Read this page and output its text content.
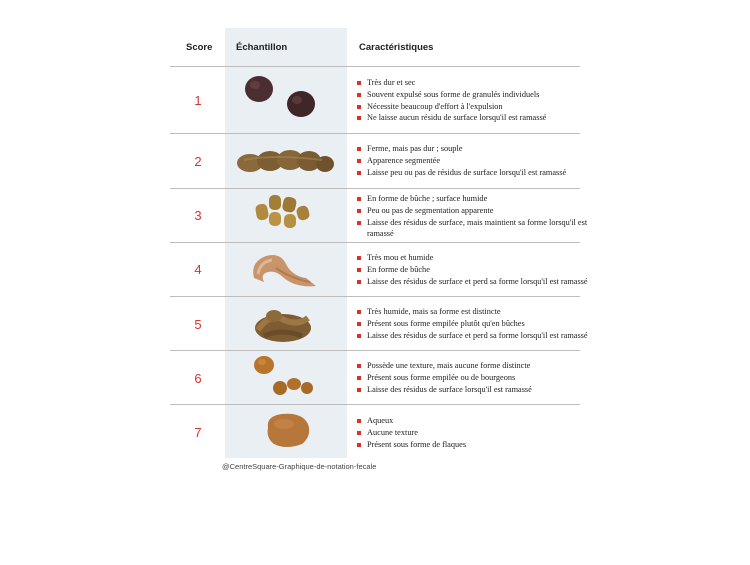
Score Échantillon	Caractéristiques
1
Très dur et sec
Souvent expulsé sous forme de granulés individuels
Nécessite beaucoup d'effort à l'expulsion
Ne laisse aucun résidu de surface lorsqu'il est ramassé
2
Ferme, mais pas dur ; souple
Apparence segmentée
Laisse peu ou pas de résidus de surface lorsqu'il est ramassé
3
En forme de bûche ; surface humide
Peu ou pas de segmentation apparente
Laisse des résidus de surface, mais maintient sa forme lorsqu'il est ramassé
4
Très mou et humide
En forme de bûche
Laisse des résidus de surface et perd sa forme lorsqu'il est ramassé
5
Très humide, mais sa forme est distincte
Présent sous forme empilée plutôt qu'en bûches
Laisse des résidus de surface et perd sa forme lorsqu'il est ramassé
6
Possède une texture, mais aucune forme distincte
Présent sous forme empilée ou de bourgeons
Laisse des résidus de surface lorsqu'il est ramassé
7
Aqueux
Aucune texture
Présent sous forme de flaques
@CentreSquare-Graphique-de-notation-fecale
